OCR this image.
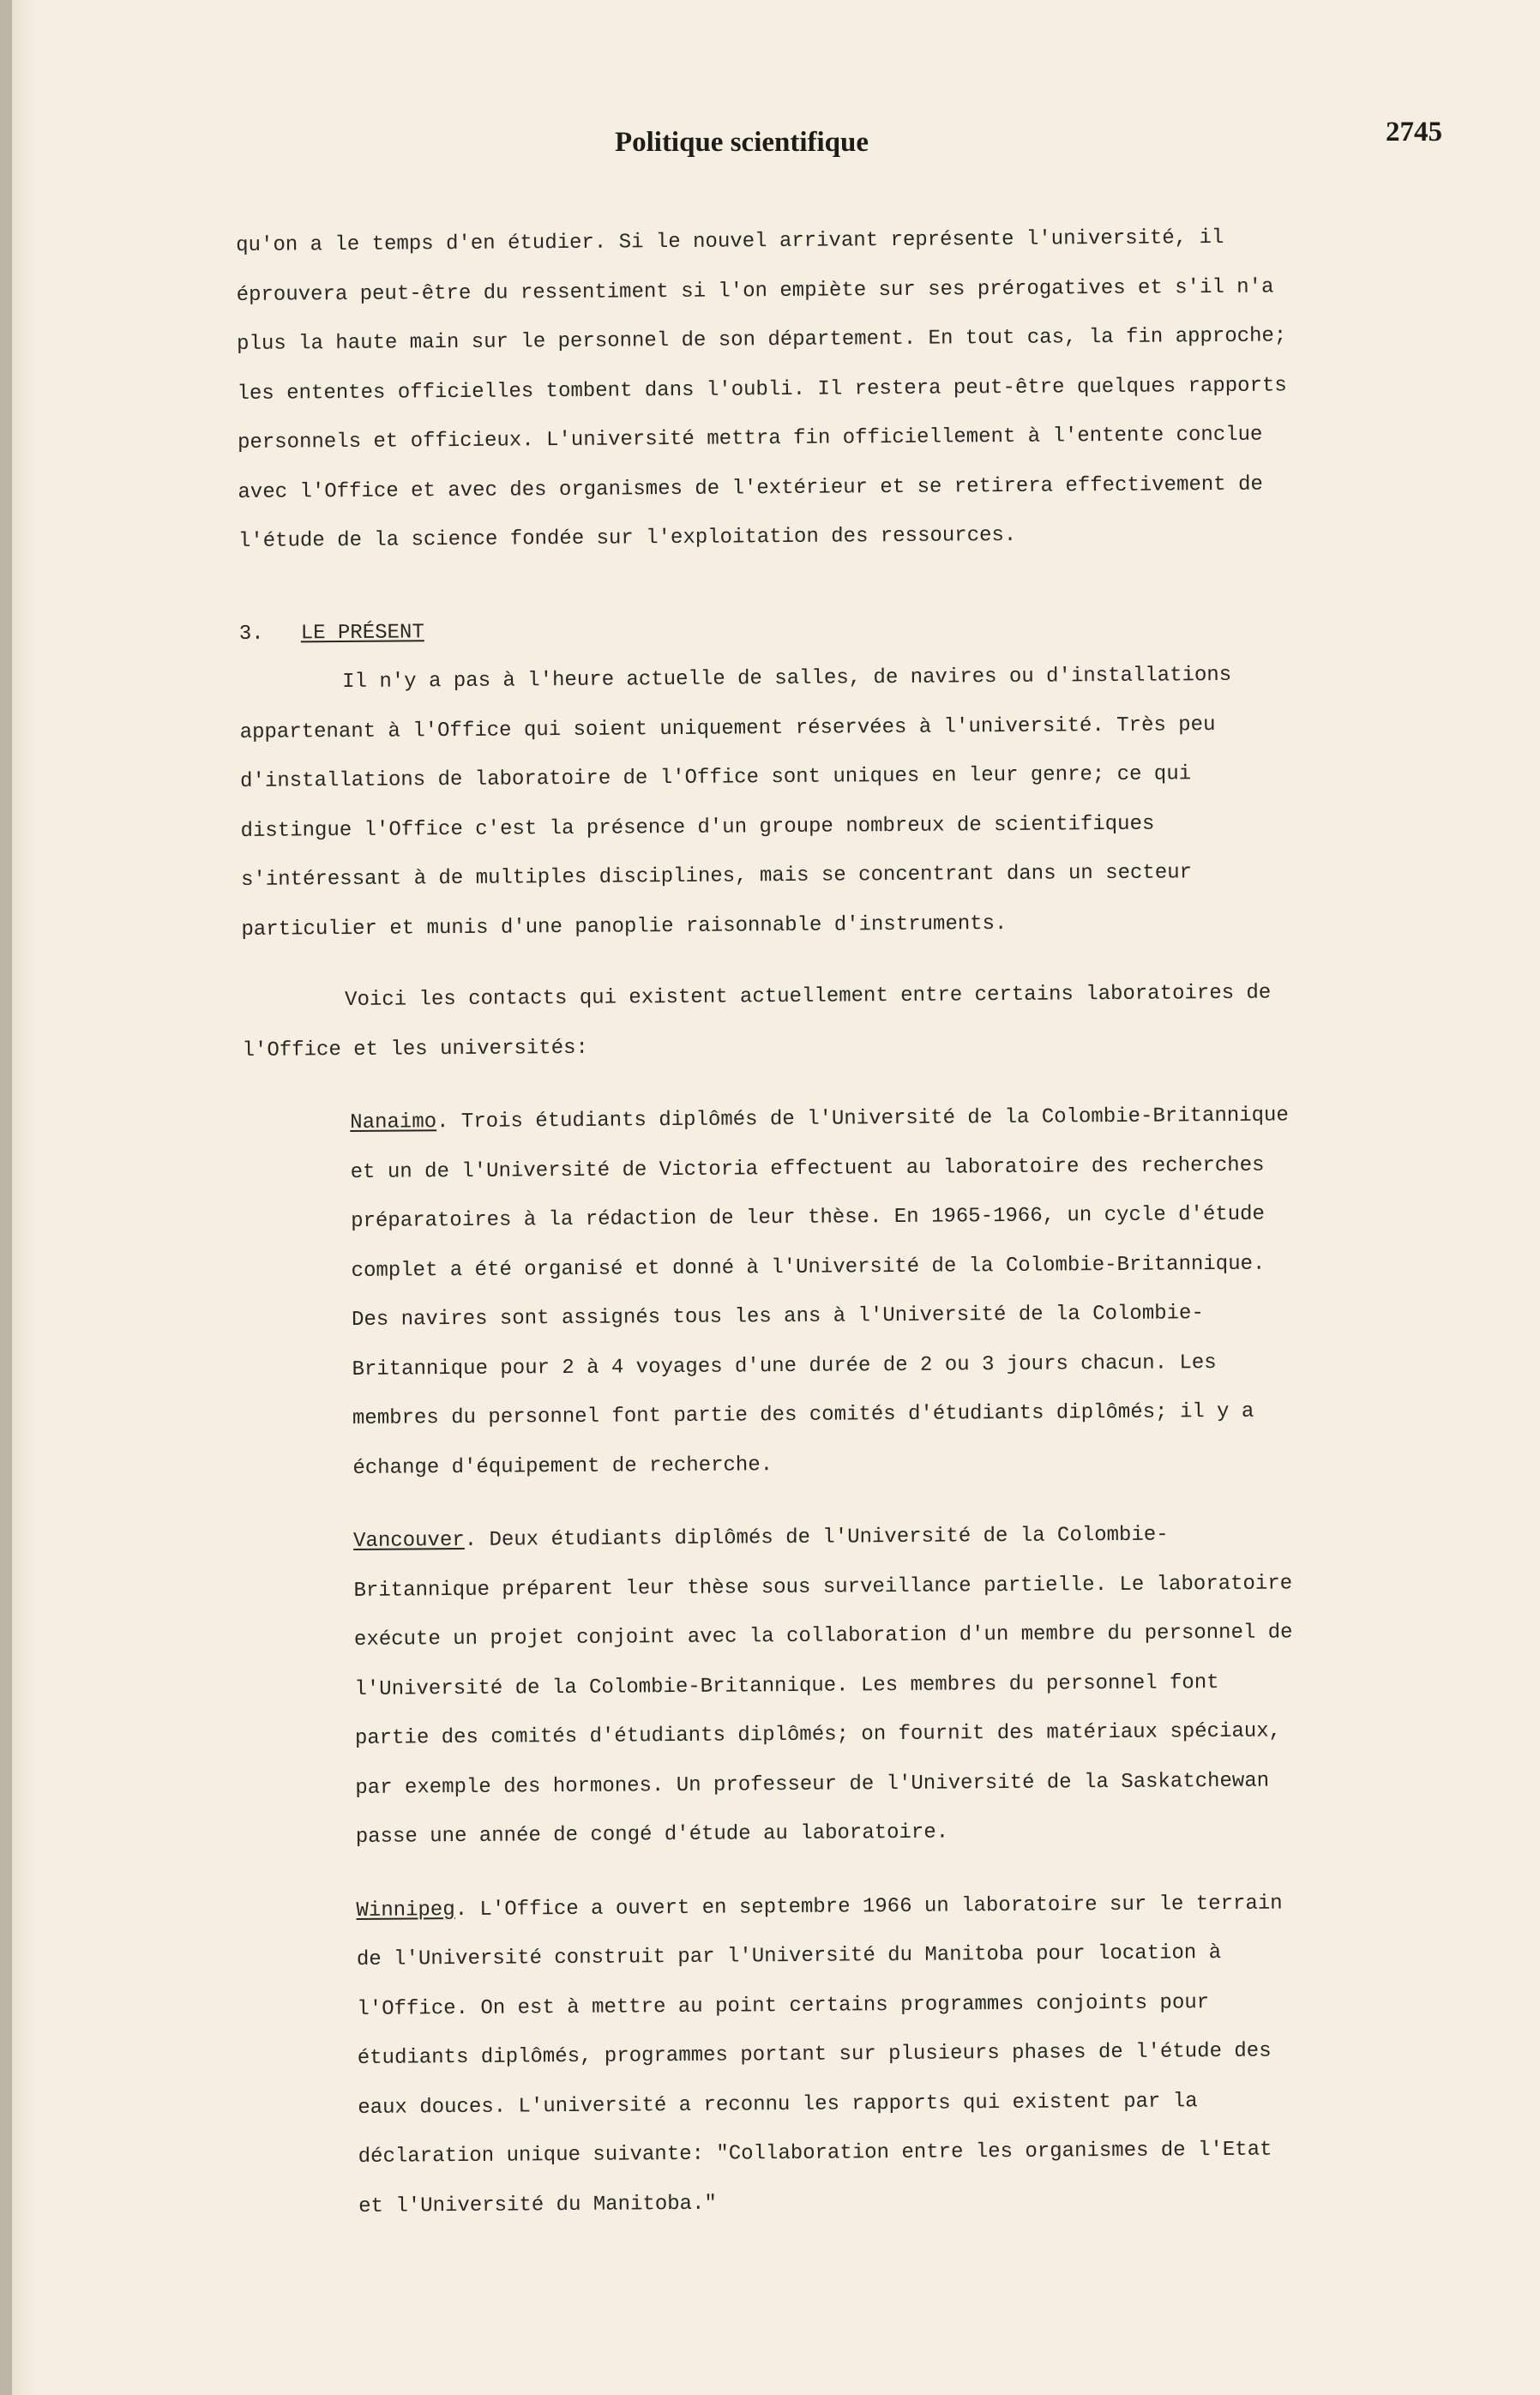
Politique scientifique	2745

qu'on a le temps d'en étudier. Si le nouvel arrivant représente l'université, il éprouvera peut-être du ressentiment si l'on empiète sur ses prérogatives et s'il n'a plus la haute main sur le personnel de son département. En tout cas, la fin approche; les ententes officielles tombent dans l'oubli. Il restera peut-être quelques rapports personnels et officieux. L'université mettra fin officiellement à l'entente conclue avec l'Office et avec des organismes de l'extérieur et se retirera effectivement de l'étude de la science fondée sur l'exploitation des ressources.

3. LE PRÉSENT

Il n'y a pas à l'heure actuelle de salles, de navires ou d'installations appartenant à l'Office qui soient uniquement réservées à l'université. Très peu d'installations de laboratoire de l'Office sont uniques en leur genre; ce qui distingue l'Office c'est la présence d'un groupe nombreux de scientifiques s'intéressant à de multiples disciplines, mais se concentrant dans un secteur particulier et munis d'une panoplie raisonnable d'instruments.

Voici les contacts qui existent actuellement entre certains laboratoires de l'Office et les universités:

Nanaimo. Trois étudiants diplômés de l'Université de la Colombie-Britannique et un de l'Université de Victoria effectuent au laboratoire des recherches préparatoires à la rédaction de leur thèse. En 1965-1966, un cycle d'étude complet a été organisé et donné à l'Université de la Colombie-Britannique. Des navires sont assignés tous les ans à l'Université de la Colombie-Britannique pour 2 à 4 voyages d'une durée de 2 ou 3 jours chacun. Les membres du personnel font partie des comités d'étudiants diplômés; il y a échange d'équipement de recherche.

Vancouver. Deux étudiants diplômés de l'Université de la Colombie-Britannique préparent leur thèse sous surveillance partielle. Le laboratoire exécute un projet conjoint avec la collaboration d'un membre du personnel de l'Université de la Colombie-Britannique. Les membres du personnel font partie des comités d'étudiants diplômés; on fournit des matériaux spéciaux, par exemple des hormones. Un professeur de l'Université de la Saskatchewan passe une année de congé d'étude au laboratoire.

Winnipeg. L'Office a ouvert en septembre 1966 un laboratoire sur le terrain de l'Université construit par l'Université du Manitoba pour location à l'Office. On est à mettre au point certains programmes conjoints pour étudiants diplômés, programmes portant sur plusieurs phases de l'étude des eaux douces. L'université a reconnu les rapports qui existent par la déclaration unique suivante: "Collaboration entre les organismes de l'Etat et l'Université du Manitoba."
